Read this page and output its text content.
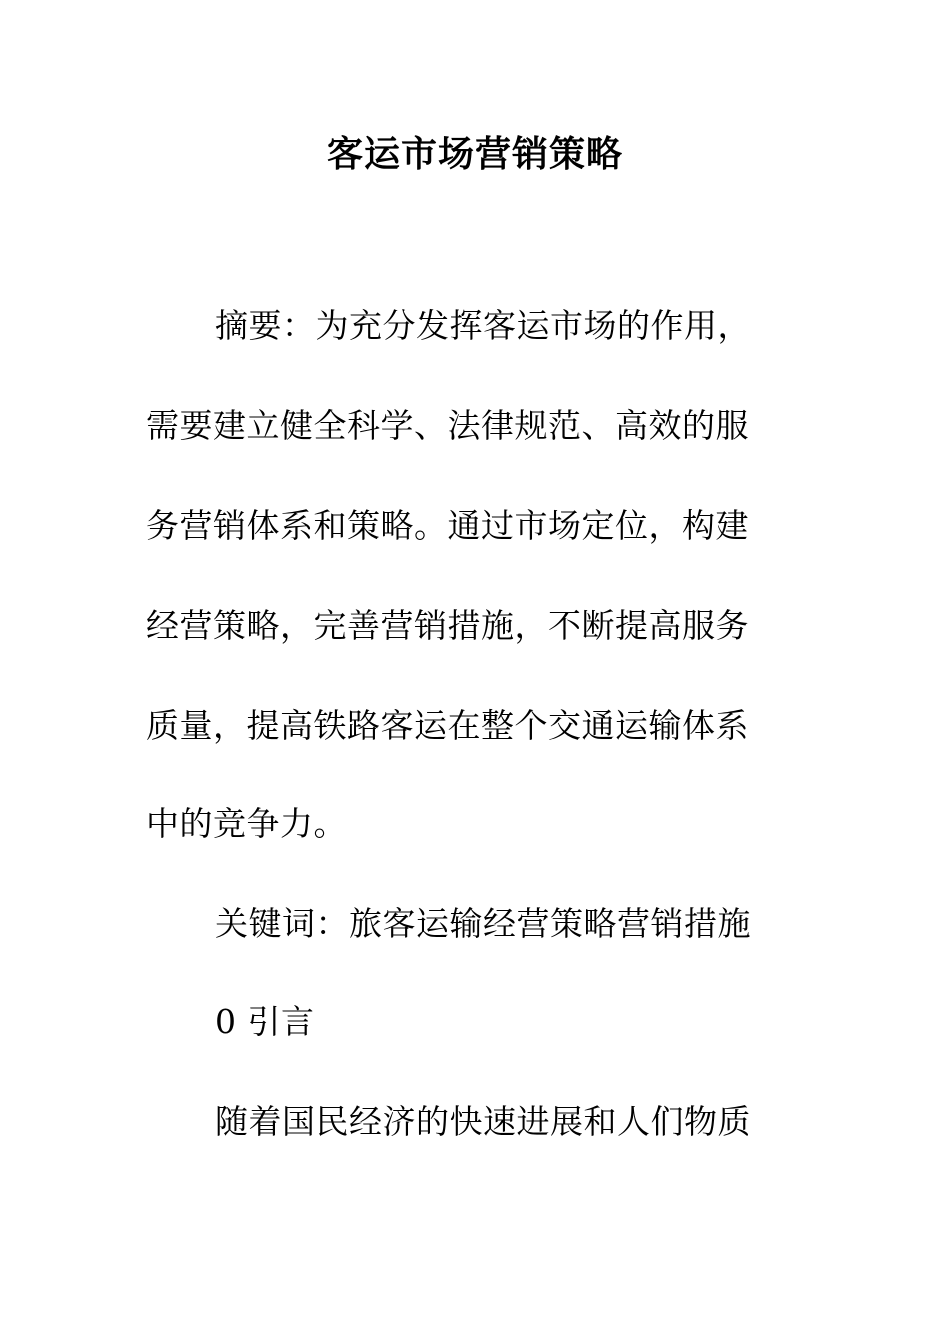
客运市场营销策略
摘要：为充分发挥客运市场的作用，
需要建立健全科学、法律规范、高效的服
务营销体系和策略。通过市场定位，构建
经营策略，完善营销措施，不断提高服务
质量，提高铁路客运在整个交通运输体系
中的竞争力。
关键词：旅客运输经营策略营销措施
0 引言
随着国民经济的快速进展和人们物质
